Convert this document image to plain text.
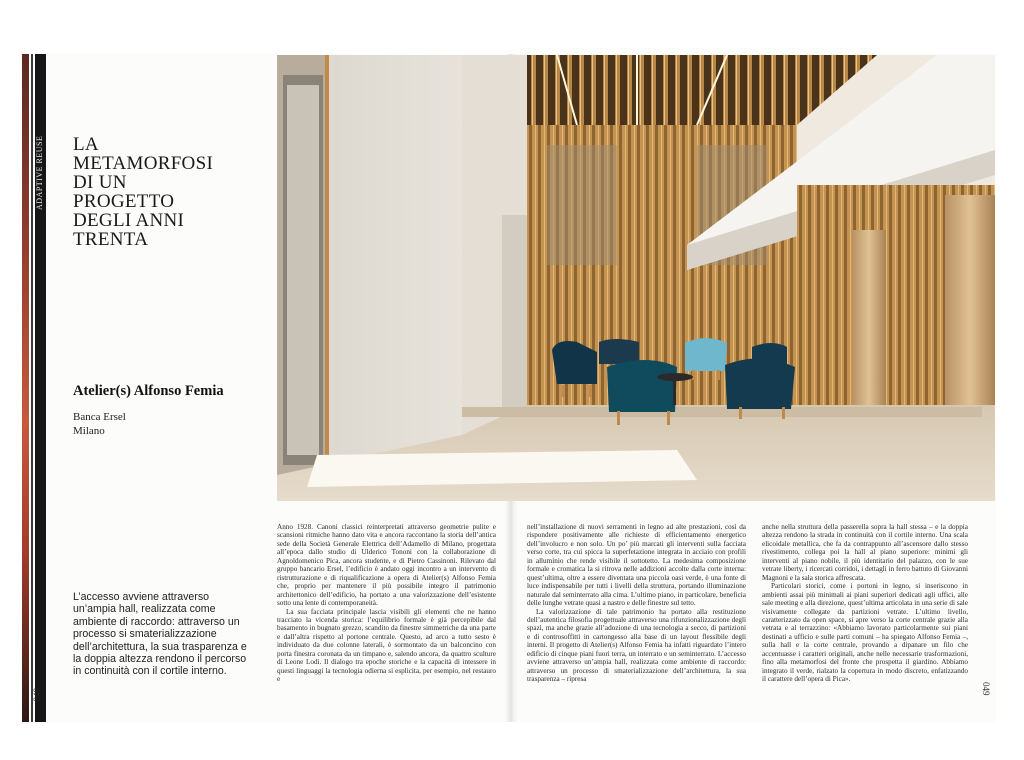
ADAPTIVE REUSE LA
METAMORFOSI
DI UN
PROGETTO
DEGLI ANNI
TRENTA
Atelier(s) Alfonso Femia
Banca Ersel
Milano
L’accesso avviene attraverso un’ampia hall, realizzata come ambiente di raccordo: attraverso un processo si smaterializzazione dell’architettura, la sua trasparenza e la doppia altezza rendono il percorso in continuità con il cortile interno.
048	049

Anno 1928. Canoni classici reinterpretati attraverso geometrie pulite e scansioni ritmiche hanno dato vita e ancora raccontano la storia dell’antica sede della Società Generale Elettrica dell’Adamello di Milano, progettata all’epoca dallo studio di Ulderico Tononi con la collaborazione di Agnoldomenico Pica, ancora studente, e di Pietro Cassinoni. Rilevato dal gruppo bancario Ersel, l’edificio è andato oggi incontro a un intervento di ristrutturazione e di riqualificazione a opera di Atelier(s) Alfonso Femia che, proprio per mantenere il più possibile integro il patrimonio architettonico dell’edificio, ha portato a una valorizzazione dell’esistente sotto una lente di contemporaneità.

La sua facciata principale lascia visibili gli elementi che ne hanno tracciato la vicenda storica: l’equilibrio formale è già percepibile dal basamento in bugnato grezzo, scandito da finestre simmetriche da una parte e dall’altra rispetto al portone centrale. Questo, ad arco a tutto sesto è individuato da due colonne laterali, è sormontato da un balconcino con porta finestra coronata da un timpano e, salendo ancora, da quattro sculture di Leone Lodi. Il dialogo tra epoche storiche e la capacità di intessere in questi linguaggi la tecnologia odierna si esplicita, per esempio, nel restauro e

nell’installazione di nuovi serramenti in legno ad alte prestazioni, così da rispondere positivamente alle richieste di efficientamento energetico dell’involucro e non solo. Un po’ più marcati gli interventi sulla facciata verso corte, tra cui spicca la superfetazione integrata in acciaio con profili in alluminio che rende visibile il sottotetto. La medesima composizione formale e cromatica la si ritrova nelle addizioni accolte dalla corte interna: quest’ultima, oltre a essere diventata una piccola oasi verde, è una fonte di luce indispensabile per tutti i livelli della struttura, portando illuminazione naturale dal seminterrato alla cima. L’ultimo piano, in particolare, beneficia delle lunghe vetrate quasi a nastro e delle finestre sul tetto.

La valorizzazione di tale patrimonio ha portato alla restituzione dell’autentica filosofia progettuale attraverso una rifunzionalizzazione degli spazi, ma anche grazie all’adozione di una tecnologia a secco, di partizioni e di controsoffitti in cartongesso alla base di un layout flessibile degli interni. Il progetto di Atelier(s) Alfonso Femia ha infatti riguardato l’intero edificio di cinque piani fuori terra, un interrato e un seminterrato. L’accesso avviene attraverso un’ampia hall, realizzata come ambiente di raccordo: attraverso un processo di smaterializzazione dell’architettura, la sua trasparenza – ripresa

anche nella struttura della passerella sopra la hall stessa – e la doppia altezza rendono la strada in continuità con il cortile interno. Una scala elicoidale metallica, che fa da contrappunto all’ascensore dallo stesso rivestimento, collega poi la hall al piano superiore: minimi gli interventi al piano nobile, il più identitario del palazzo, con le sue vetrate liberty, i ricercati corridoi, i dettagli in ferro battuto di Giovanni Magnoni e la sala storica affrescata.

Particolari storici, come i portoni in legno, si inseriscono in ambienti assai più minimali ai piani superiori dedicati agli uffici, alle sale meeting e alla direzione, quest’ultima articolata in una serie di sale visivamente collegate da partizioni vetrate. L’ultimo livello, caratterizzato da open space, si apre verso la corte centrale grazie alla vetrata e al terrazzino: «Abbiamo lavorato particolarmente sui piani destinati a ufficio e sulle parti comuni – ha spiegato Alfonso Femia –, sulla hall e la corte centrale, provando a dipanare un filo che accentuasse i caratteri originali, anche nelle necessarie trasformazioni, fino alla metamorfosi del fronte che prospetta il giardino. Abbiamo integrato il verde, rialzato la copertura in modo discreto, enfatizzando il carattere dell’opera di Pica».
